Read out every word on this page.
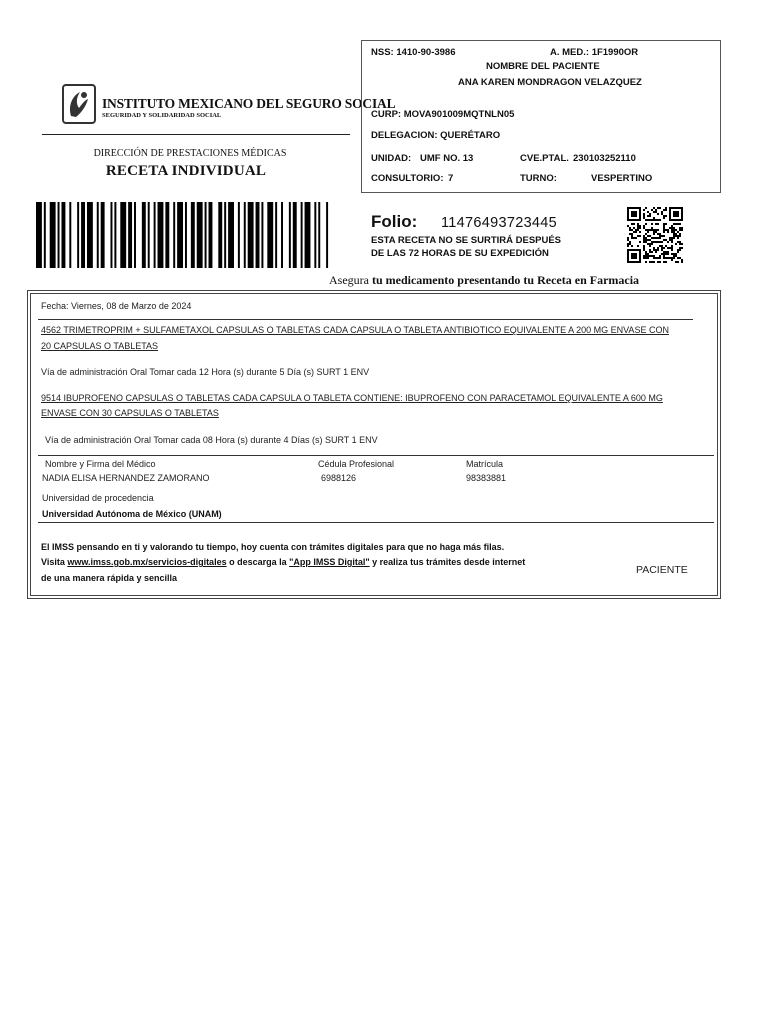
INSTITUTO MEXICANO DEL SEGURO SOCIAL
SEGURIDAD Y SOLIDARIDAD SOCIAL
DIRECCIÓN DE PRESTACIONES MÉDICAS
RECETA INDIVIDUAL
NSS: 1410-90-3986	A. MED.: 1F1990OR
NOMBRE DEL PACIENTE
ANA KAREN MONDRAGON VELAZQUEZ
CURP: MOVA901009MQTNLN05
DELEGACION: QUERÉTARO
UNIDAD: UMF NO. 13	CVE.PTAL. 230103252110
CONSULTORIO: 7	TURNO:	VESPERTINO
Folio: 11476493723445
ESTA RECETA NO SE SURTIRÁ DESPUÉS
DE LAS 72 HORAS DE SU EXPEDICIÓN
Asegura tu medicamento presentando tu Receta en Farmacia
Fecha: Viernes, 08 de Marzo de 2024
4562 TRIMETROPRIM + SULFAMETAXOL CAPSULAS O TABLETAS CADA CAPSULA O TABLETA ANTIBIOTICO EQUIVALENTE A 200 MG ENVASE CON
20 CAPSULAS O TABLETAS
Vía de administración Oral Tomar cada 12 Hora (s) durante 5 Día (s) SURT 1 ENV
9514 IBUPROFENO CAPSULAS O TABLETAS CADA CAPSULA O TABLETA CONTIENE: IBUPROFENO CON PARACETAMOL EQUIVALENTE A 600 MG
ENVASE CON 30 CAPSULAS O TABLETAS
Vía de administración Oral Tomar cada 08 Hora (s) durante 4 Días (s) SURT 1 ENV
Nombre y Firma del Médico
NADIA ELISA HERNANDEZ ZAMORANO
Cédula Profesional
6988126
Matrícula
98383881
Universidad de procedencia
Universidad Autónoma de México (UNAM)
El IMSS pensando en ti y valorando tu tiempo, hoy cuenta con trámites digitales para que no haga más filas.
Visita www.imss.gob.mx/servicios-digitales o descarga la "App IMSS Digital" y realiza tus trámites desde internet
de una manera rápida y sencilla
PACIENTE
